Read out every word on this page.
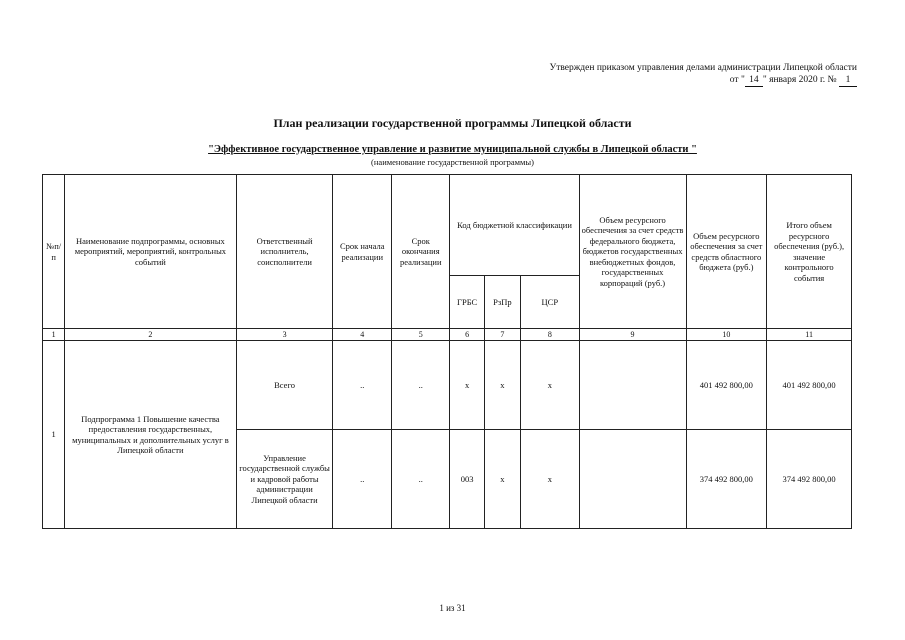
Утвержден приказом управления делами администрации Липецкой области
от " 14 " января 2020 г. № 1
План реализации государственной программы Липецкой области
"Эффективное государственное управление и развитие муниципальной службы в Липецкой области "
(наименование государственной программы)
№п/п	Наименование подпрограммы, основных мероприятий, мероприятий, контрольных событий	Ответственный исполнитель, соисполнители	Срок начала реализации	Срок окончания реализации	Код бюджетной классификации			Объем ресурсного обеспечения за счет средств федерального бюджета, бюджетов государственных внебюджетных фондов, государственных корпораций (руб.)	Объем ресурсного обеспечения за счет средств областного бюджета (руб.)	Итого объем ресурсного обеспечения (руб.), значение контрольного события
					ГРБС	РзПр	ЦСР			
1	2	3	4	5	6	7	8	9	10	11
1	Подпрограмма 1 Повышение качества предоставления государственных, муниципальных и дополнительных услуг в Липецкой области	Всего	..	..	х	х	х		401 492 800,00	401 492 800,00
		Управление государственной службы и кадровой работы администрации Липецкой области	..	..	003	х	х		374 492 800,00	374 492 800,00
1 из 31
